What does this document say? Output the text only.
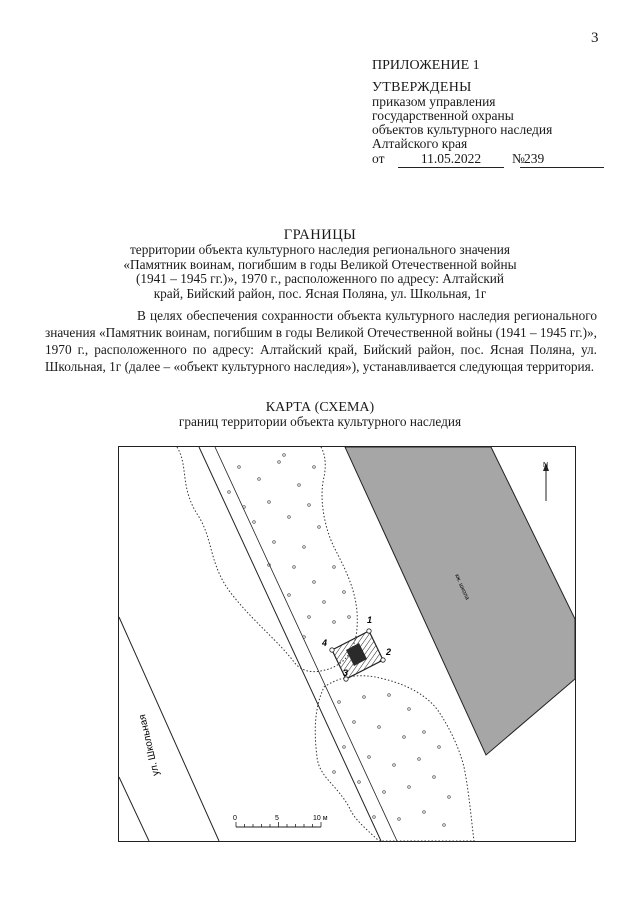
3
ПРИЛОЖЕНИЕ 1
УТВЕРЖДЕНЫ
приказом управления
государственной охраны
объектов культурного наследия
Алтайского края
от	11.05.2022	№ 239
ГРАНИЦЫ
территории объекта культурного наследия регионального значения
«Памятник воинам, погибшим в годы Великой Отечественной войны
(1941 – 1945 гг.)», 1970 г., расположенного по адресу: Алтайский
край, Бийский район, пос. Ясная Поляна, ул. Школьная, 1г
В целях обеспечения сохранности объекта культурного наследия регионального значения «Памятник воинам, погибшим в годы Великой Отечественной войны (1941 – 1945 гг.)», 1970 г., расположенного по адресу: Алтайский край, Бийский район, пос. Ясная Поляна, ул. Школьная, 1г (далее – «объект культурного наследия»), устанавливается следующая территория.
КАРТА (СХЕМА)
границ территории объекта культурного наследия
1
2
3
4
кж. школа
ул. Школьная
N
0	5	10 м
